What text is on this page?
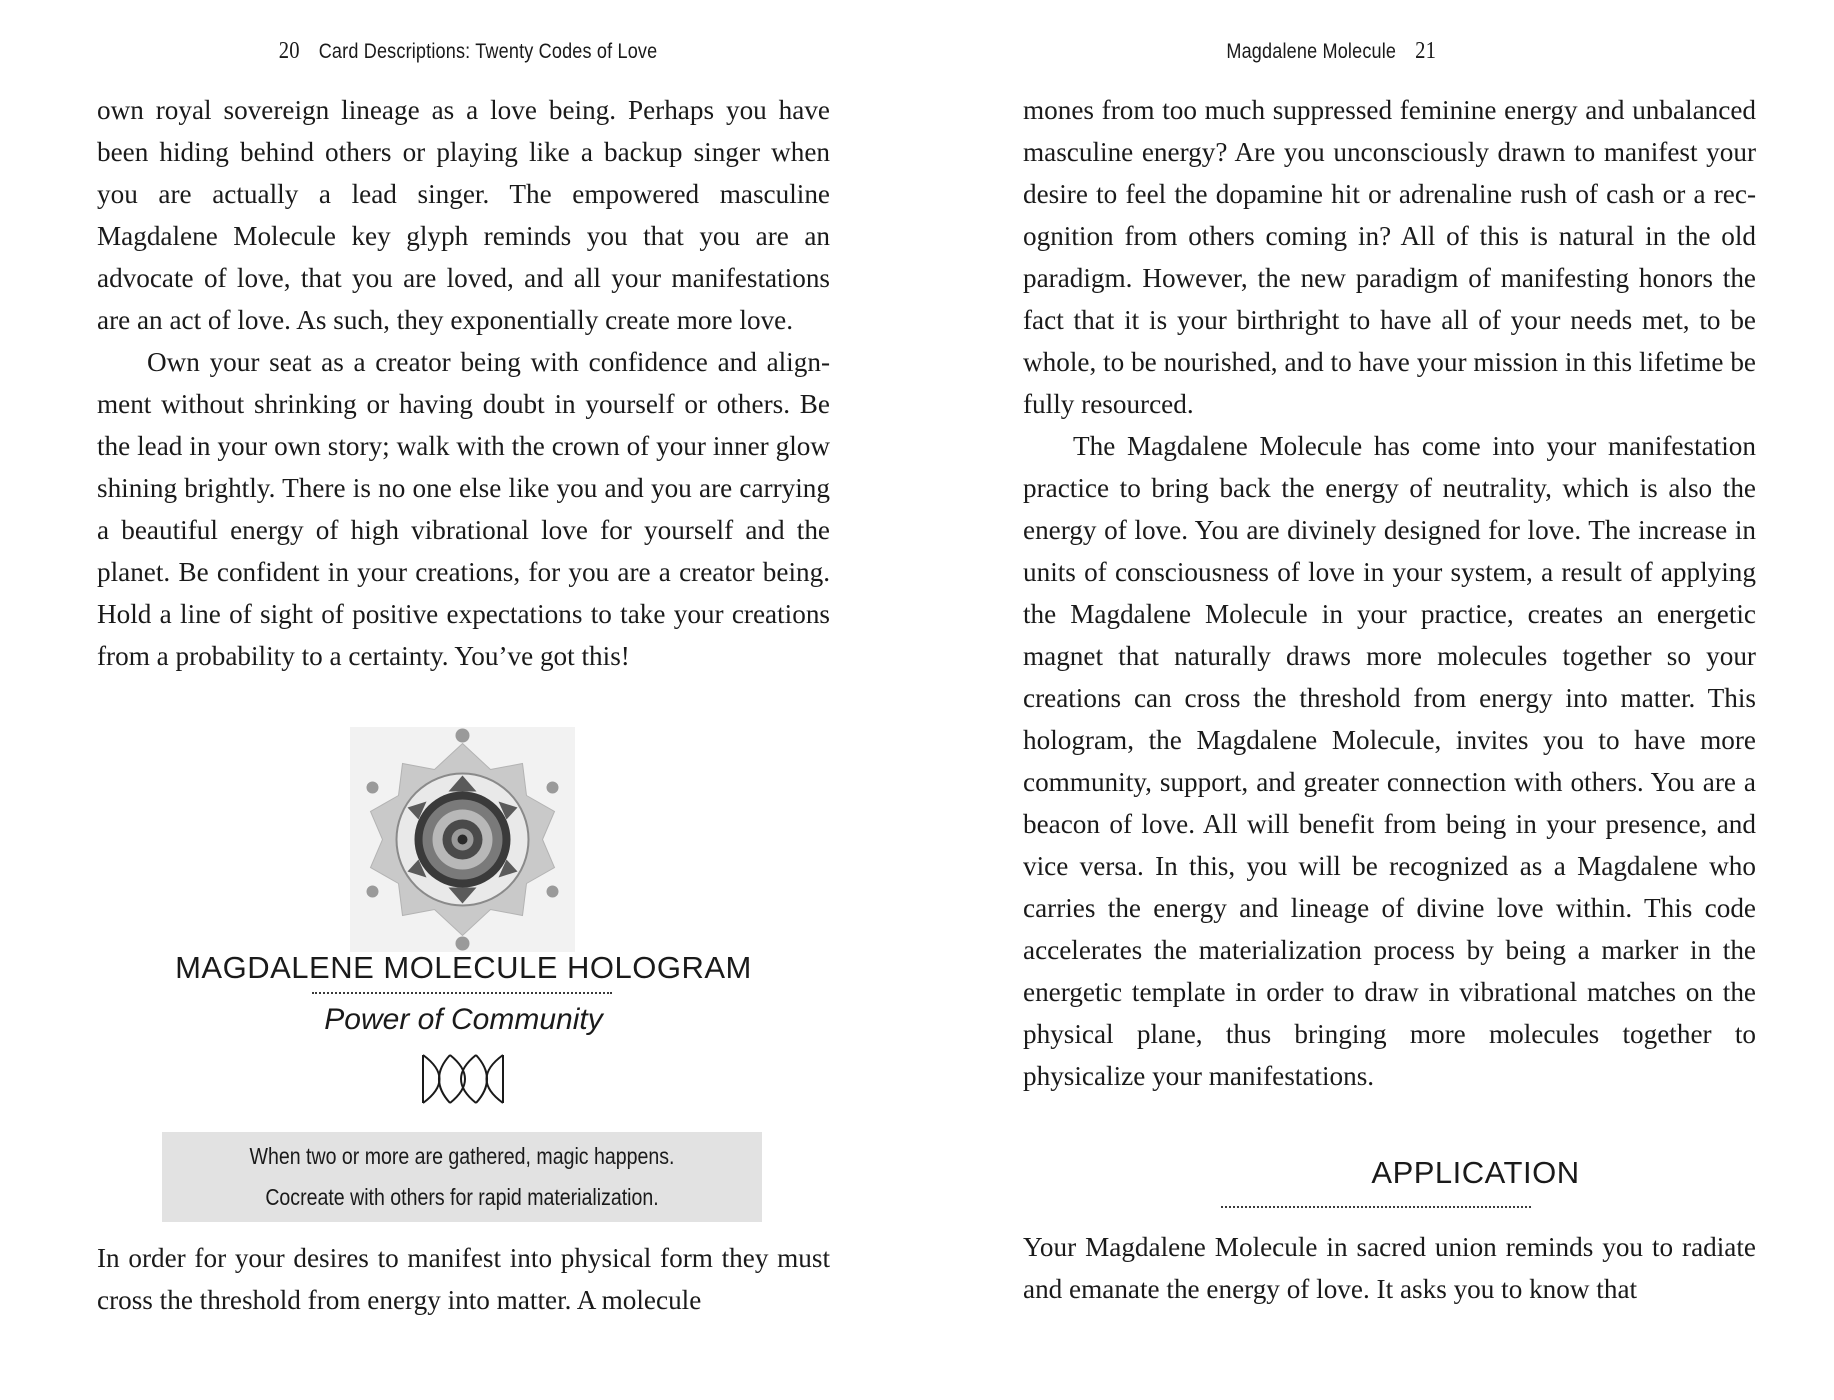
20 Card Descriptions: Twenty Codes of Love

own royal sovereign lineage as a love being. Perhaps you have been hiding behind others or playing like a backup singer when you are actually a lead singer. The empowered masculine Magdalene Molecule key glyph reminds you that you are an advocate of love, that you are loved, and all your manifestations are an act of love. As such, they exponentially create more love.

Own your seat as a creator being with confidence and alignment without shrinking or having doubt in yourself or others. Be the lead in your own story; walk with the crown of your inner glow shining brightly. There is no one else like you and you are carrying a beautiful energy of high vibrational love for yourself and the planet. Be confident in your creations, for you are a creator being. Hold a line of sight of positive expectations to take your creations from a probability to a certainty. You’ve got this!

MAGDALENE MOLECULE HOLOGRAM
Power of Community
When two or more are gathered, magic happens.
Cocreate with others for rapid materialization.

In order for your desires to manifest into physical form they must cross the threshold from energy into matter. A molecule

Magdalene Molecule 21

mones from too much suppressed feminine energy and unbalanced masculine energy? Are you unconsciously drawn to manifest your desire to feel the dopamine hit or adrenaline rush of cash or a recognition from others coming in? All of this is natural in the old paradigm. However, the new paradigm of manifesting honors the fact that it is your birthright to have all of your needs met, to be whole, to be nourished, and to have your mission in this lifetime be fully resourced.

The Magdalene Molecule has come into your manifestation practice to bring back the energy of neutrality, which is also the energy of love. You are divinely designed for love. The increase in units of consciousness of love in your system, a result of applying the Magdalene Molecule in your practice, creates an energetic magnet that naturally draws more molecules together so your creations can cross the threshold from energy into matter. This hologram, the Magdalene Molecule, invites you to have more community, support, and greater connection with others. You are a beacon of love. All will benefit from being in your presence, and vice versa. In this, you will be recognized as a Magdalene who carries the energy and lineage of divine love within. This code accelerates the materialization process by being a marker in the energetic template in order to draw in vibrational matches on the physical plane, thus bringing more molecules together to physicalize your manifestations.

APPLICATION

Your Magdalene Molecule in sacred union reminds you to radiate and emanate the energy of love. It asks you to know that
